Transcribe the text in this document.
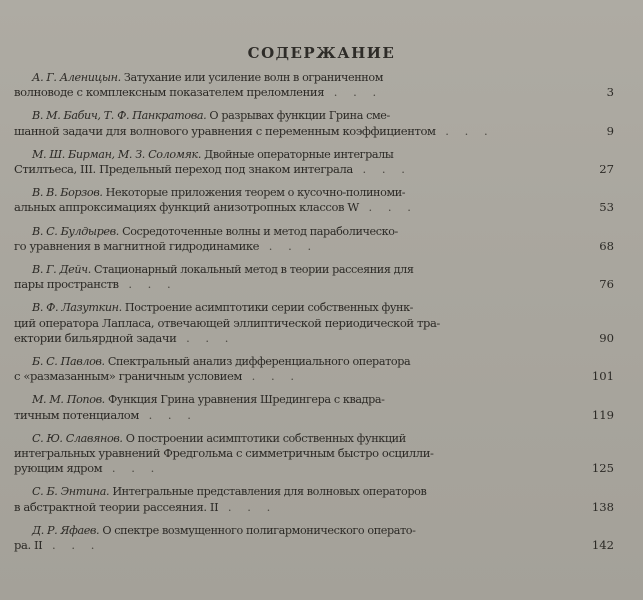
СОДЕРЖАНИЕ
А. Г. Аленицын. Затухание или усиление волн в ограниченном
волноводе с комплексным показателем преломления . . .	3
В. М. Бабич, Т. Ф. Панкратова. О разрывах функции Грина сме-
шанной задачи для волнового уравнения с переменным коэффициентом . . .	9
М. Ш. Бирман, М. З. Соломяк. Двойные операторные интегралы
Стилтьеса, III. Предельный переход под знаком интеграла . . .	27
В. В. Борзов. Некоторые приложения теорем о кусочно-полиноми-
альных аппроксимациях функций анизотропных классов W . . .	53
В. С. Булдырев. Сосредоточенные волны и метод параболическо-
го уравнения в магнитной гидродинамике . . .	68
В. Г. Дейч. Стационарный локальный метод в теории рассеяния для
пары пространств . . .	76
В. Ф. Лазуткин. Построение асимптотики серии собственных функ-
ций оператора Лапласа, отвечающей эллиптической периодической тра-
ектории бильярдной задачи . . .	90
Б. С. Павлов. Спектральный анализ дифференциального оператора
с «размазанным» граничным условием . . .	101
М. М. Попов. Функция Грина уравнения Шредингера с квадра-
тичным потенциалом . . .	119
С. Ю. Славянов. О построении асимптотики собственных функций
интегральных уравнений Фредгольма с симметричным быстро осцилли-
рующим ядром . . .	125
С. Б. Энтина. Интегральные представления для волновых операторов
в абстрактной теории рассеяния. II . . .	138
Д. Р. Яфаев. О спектре возмущенного полигармонического операто-
ра. II . . .	142
